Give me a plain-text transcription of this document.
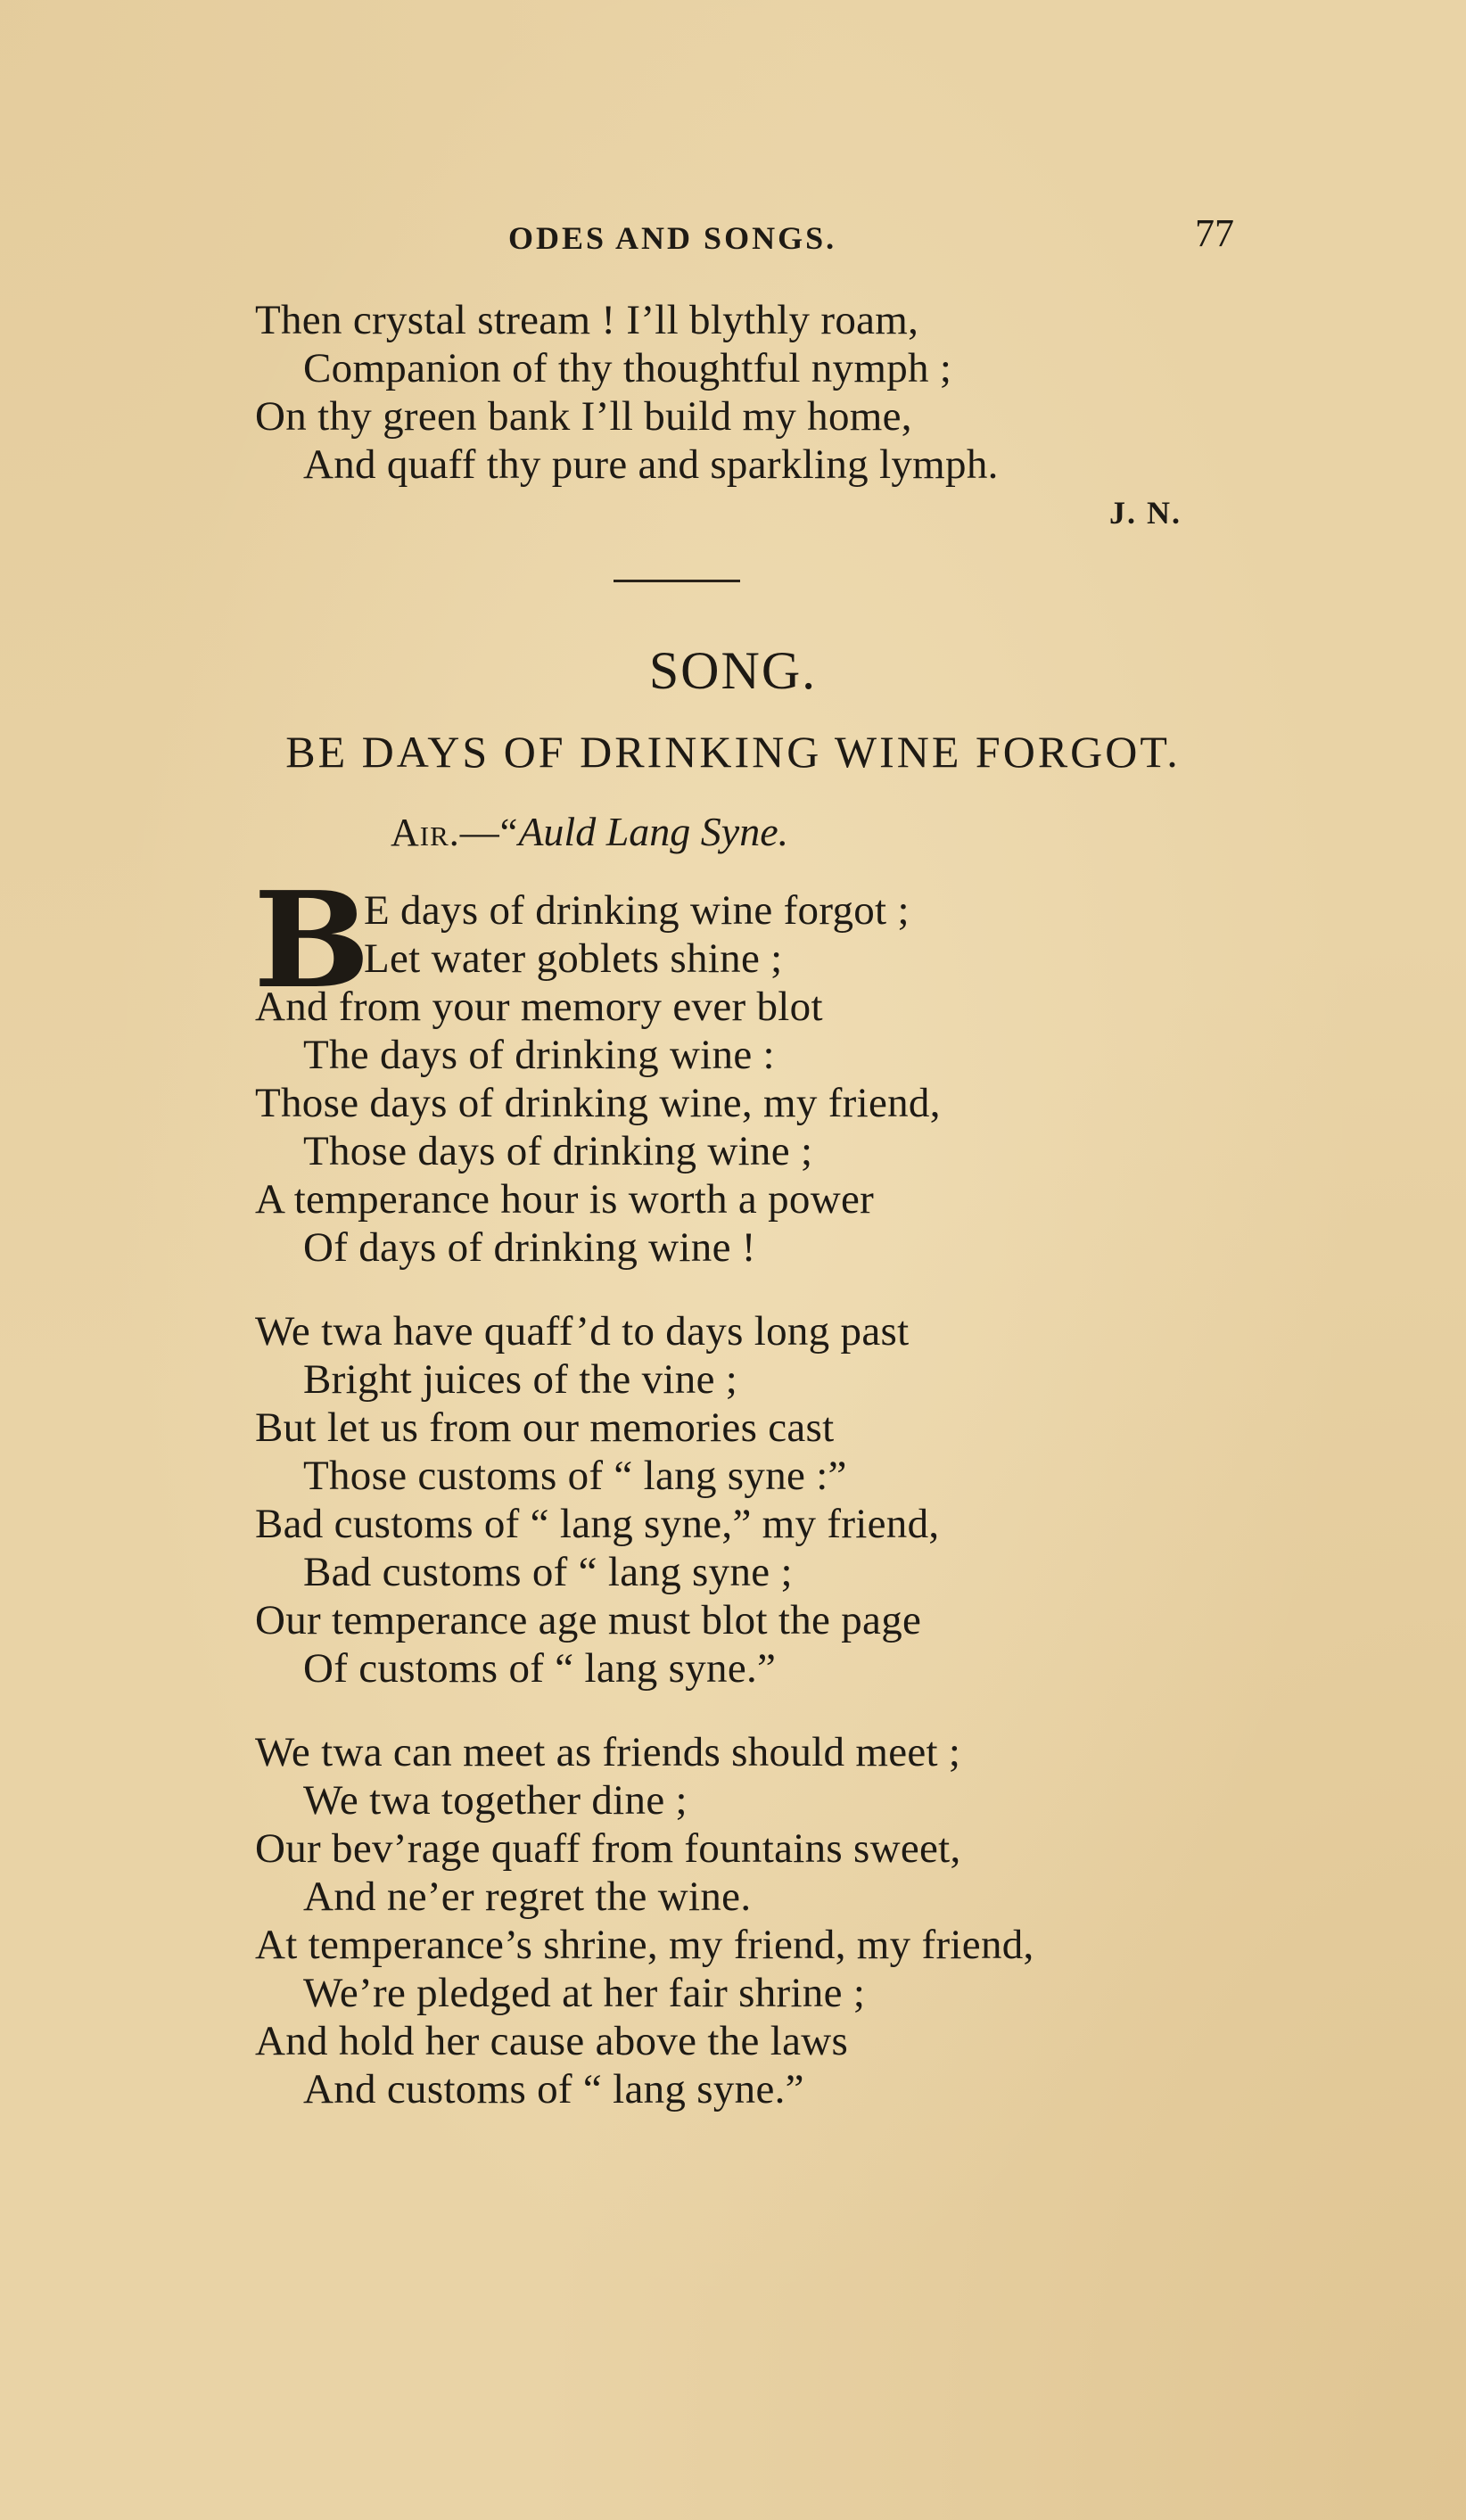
ODES AND SONGS.	77
Then crystal stream ! I’ll blythly roam,
Companion of thy thoughtful nymph ;
On thy green bank I’ll build my home,
And quaff thy pure and sparkling lymph.
J. N.
SONG.
BE DAYS OF DRINKING WINE FORGOT.
Air.—“Auld Lang Syne.
B
E days of drinking wine forgot ;
Let water goblets shine ;
And from your memory ever blot
The days of drinking wine :
Those days of drinking wine, my friend,
Those days of drinking wine ;
A temperance hour is worth a power
Of days of drinking wine !
We twa have quaff’d to days long past
Bright juices of the vine ;
But let us from our memories cast
Those customs of “ lang syne :”
Bad customs of “ lang syne,” my friend,
Bad customs of “ lang syne ;
Our temperance age must blot the page
Of customs of “ lang syne.”
We twa can meet as friends should meet ;
We twa together dine ;
Our bev’rage quaff from fountains sweet,
And ne’er regret the wine.
At temperance’s shrine, my friend, my friend,
We’re pledged at her fair shrine ;
And hold her cause above the laws
And customs of “ lang syne.”
